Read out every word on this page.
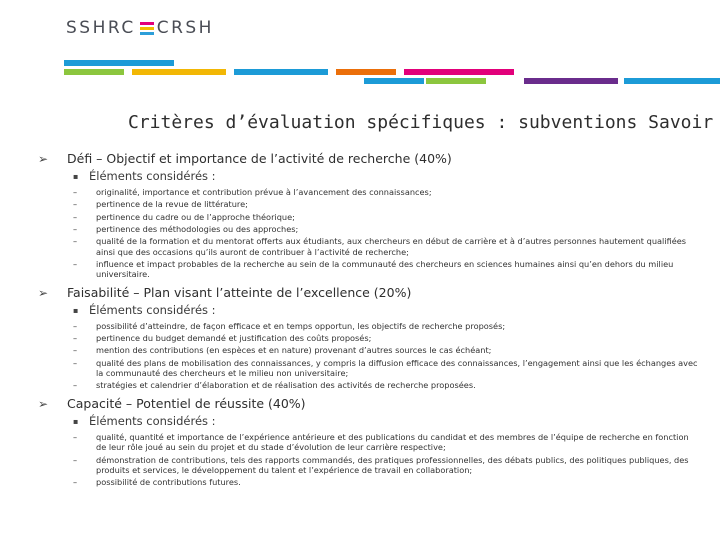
SSHRC CRSH
Critères d’évaluation spécifiques : subventions Savoir
➢ Défi – Objectif et importance de l’activité de recherche (40%)
▪ Éléments considérés :
– originalité, importance et contribution prévue à l’avancement des connaissances;
– pertinence de la revue de littérature;
– pertinence du cadre ou de l’approche théorique;
– pertinence des méthodologies ou des approches;
– qualité de la formation et du mentorat offerts aux étudiants, aux chercheurs en début de carrière et à d’autres personnes hautement qualifiées ainsi que des occasions qu’ils auront de contribuer à l’activité de recherche;
– influence et impact probables de la recherche au sein de la communauté des chercheurs en sciences humaines ainsi qu’en dehors du milieu universitaire.
➢ Faisabilité – Plan visant l’atteinte de l’excellence (20%)
▪ Éléments considérés :
– possibilité d’atteindre, de façon efficace et en temps opportun, les objectifs de recherche proposés;
– pertinence du budget demandé et justification des coûts proposés;
– mention des contributions (en espèces et en nature) provenant d’autres sources le cas échéant;
– qualité des plans de mobilisation des connaissances, y compris la diffusion efficace des connaissances, l’engagement ainsi que les échanges avec la communauté des chercheurs et le milieu non universitaire;
– stratégies et calendrier d’élaboration et de réalisation des activités de recherche proposées.
➢ Capacité – Potentiel de réussite (40%)
▪ Éléments considérés :
– qualité, quantité et importance de l’expérience antérieure et des publications du candidat et des membres de l’équipe de recherche en fonction de leur rôle joué au sein du projet et du stade d’évolution de leur carrière respective;
– démonstration de contributions, tels des rapports commandés, des pratiques professionnelles, des débats publics, des politiques publiques, des produits et services, le développement du talent et l’expérience de travail en collaboration;
– possibilité de contributions futures.
